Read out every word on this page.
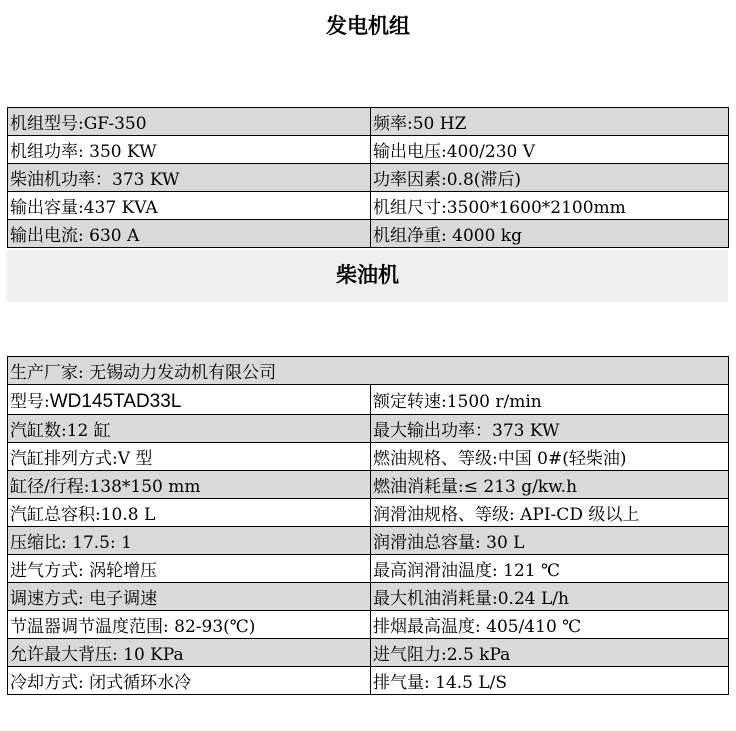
发电机组
机组型号:GF-350	频率:50 HZ
机组功率: 350 KW	输出电压:400/230 V
柴油机功率：373 KW	功率因素:0.8(滞后)
输出容量:437 KVA	机组尺寸:3500*1600*2100mm
输出电流: 630 A	机组净重: 4000 kg
柴油机
生产厂家: 无锡动力发动机有限公司	
型号:WD145TAD33L	额定转速:1500 r/min
汽缸数:12 缸	最大输出功率：373 KW
汽缸排列方式:V 型	燃油规格、等级:中国 0#(轻柴油)
缸径/行程:138*150 mm	燃油消耗量:≤ 213 g/kw.h
汽缸总容积:10.8 L	润滑油规格、等级: API-CD 级以上
压缩比: 17.5: 1	润滑油总容量: 30 L
进气方式: 涡轮增压	最高润滑油温度: 121 ℃
调速方式: 电子调速	最大机油消耗量:0.24 L/h
节温器调节温度范围: 82-93(℃)	排烟最高温度: 405/410 ℃
允许最大背压: 10 KPa	进气阻力:2.5 kPa
冷却方式: 闭式循环水冷	排气量: 14.5 L/S
